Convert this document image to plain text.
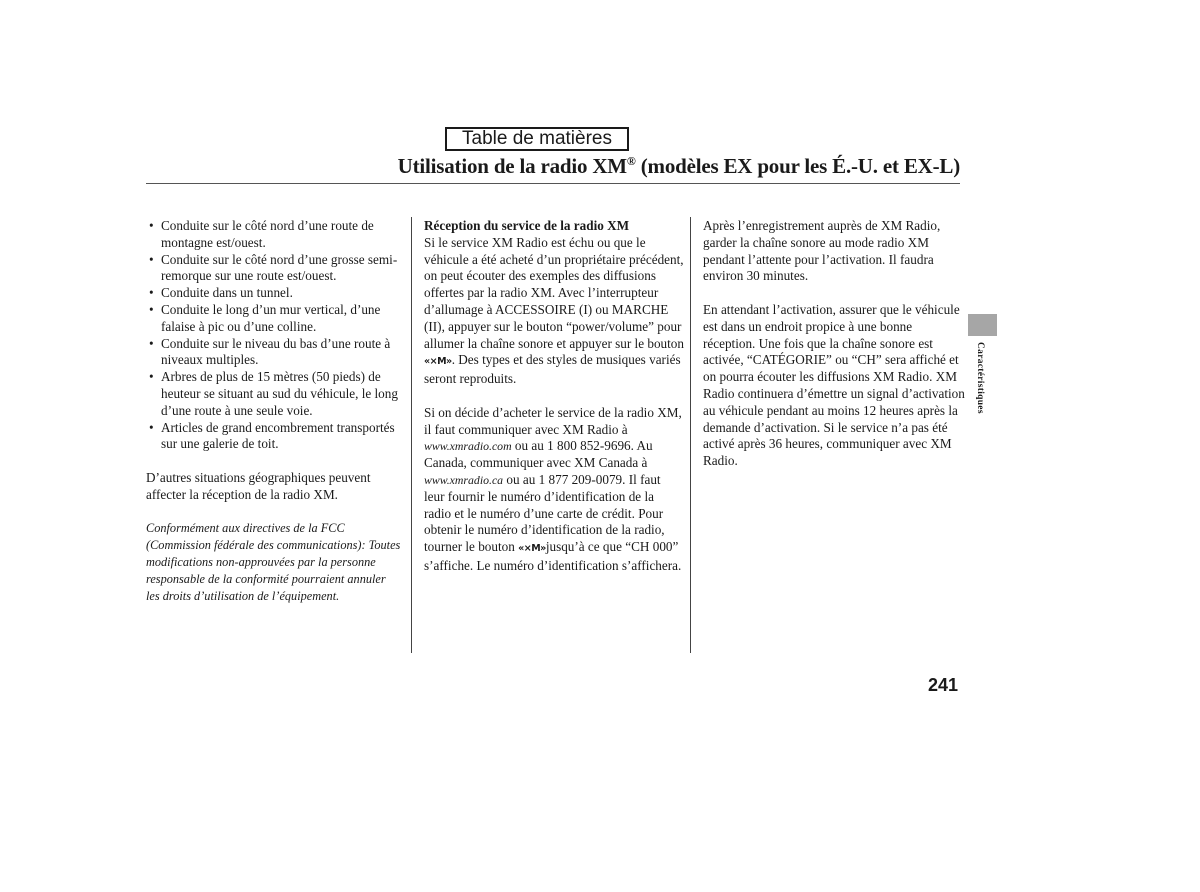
Table de matières
Utilisation de la radio XM® (modèles EX pour les É.-U. et EX-L)
• Conduite sur le côté nord d’une route de montagne est/ouest.
• Conduite sur le côté nord d’une grosse semi-remorque sur une route est/ouest.
• Conduite dans un tunnel.
• Conduite le long d’un mur vertical, d’une falaise à pic ou d’une colline.
• Conduite sur le niveau du bas d’une route à niveaux multiples.
• Arbres de plus de 15 mètres (50 pieds) de heuteur se situant au sud du véhicule, le long d’une route à une seule voie.
• Articles de grand encombrement transportés sur une galerie de toit.

D’autres situations géographiques peuvent affecter la réception de la radio XM.

Conformément aux directives de la FCC (Commission fédérale des communications): Toutes modifications non-approuvées par la personne responsable de la conformité pourraient annuler les droits d’utilisation de l’équipement.

Réception du service de la radio XM

Si le service XM Radio est échu ou que le véhicule a été acheté d’un propriétaire précédent, on peut écouter des exemples des diffusions offertes par la radio XM. Avec l’interrupteur d’allumage à ACCESSOIRE (I) ou MARCHE (II), appuyer sur le bouton “power/volume” pour allumer la chaîne sonore et appuyer sur le bouton «⨯M». Des types et des styles de musiques variés seront reproduits.

Si on décide d’acheter le service de la radio XM, il faut communiquer avec XM Radio à www.xmradio.com ou au 1 800 852-9696. Au Canada, communiquer avec XM Canada à www.xmradio.ca ou au 1 877 209-0079. Il faut leur fournir le numéro d’identification de la radio et le numéro d’une carte de crédit. Pour obtenir le numéro d’identification de la radio, tourner le bouton «⨯M»jusqu’à ce que “CH 000” s’affiche. Le numéro d’identification s’affichera.

Après l’enregistrement auprès de XM Radio, garder la chaîne sonore au mode radio XM pendant l’attente pour l’activation. Il faudra environ 30 minutes.

En attendant l’activation, assurer que le véhicule est dans un endroit propice à une bonne réception. Une fois que la chaîne sonore est activée, “CATÉGORIE” ou “CH” sera affiché et on pourra écouter les diffusions XM Radio. XM Radio continuera d’émettre un signal d’activation au véhicule pendant au moins 12 heures après la demande d’activation. Si le service n’a pas été activé après 36 heures, communiquer avec XM Radio.

Caractéristiques
241
